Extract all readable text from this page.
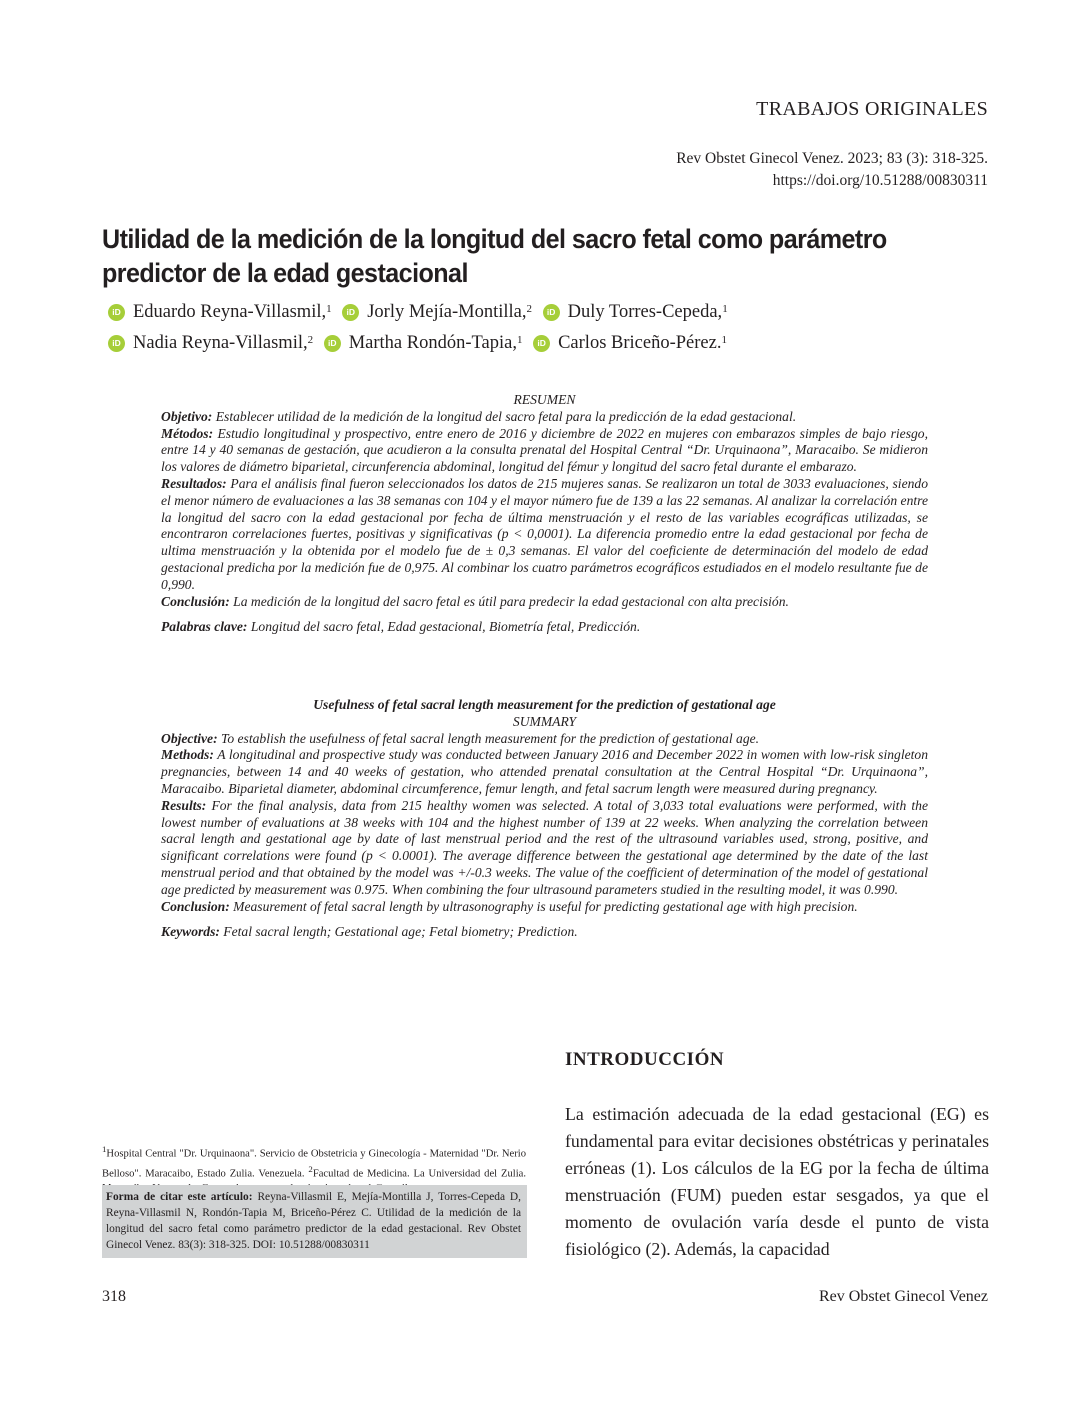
TRABAJOS ORIGINALES
Rev Obstet Ginecol Venez. 2023; 83 (3): 318-325.
https://doi.org/10.51288/00830311
Utilidad de la medición de la longitud del sacro fetal como parámetro predictor de la edad gestacional
iD Eduardo Reyna-Villasmil,$^1$
	iD Jorly Mejía-Montilla,$^2$
	iD Duly Torres-Cepeda,$^1$

iD Nadia Reyna-Villasmil,$^2$
	iD Martha Rondón-Tapia,$^1$
	iD Carlos Briceño-Pérez.$^1$

RESUMEN

Objetivo: Establecer utilidad de la medición de la longitud del sacro fetal para la predicción de la edad gestacional.

Métodos: Estudio longitudinal y prospectivo, entre enero de 2016 y diciembre de 2022 en mujeres con embarazos simples de bajo riesgo, entre 14 y 40 semanas de gestación, que acudieron a la consulta prenatal del Hospital Central “Dr. Urquinaona”, Maracaibo. Se midieron los valores de diámetro biparietal, circunferencia abdominal, longitud del fémur y longitud del sacro fetal durante el embarazo.

Resultados: Para el análisis final fueron seleccionados los datos de 215 mujeres sanas. Se realizaron un total de 3033 evaluaciones, siendo el menor número de evaluaciones a las 38 semanas con 104 y el mayor número fue de 139 a las 22 semanas. Al analizar la correlación entre la longitud del sacro con la edad gestacional por fecha de última menstruación y el resto de las variables ecográficas utilizadas, se encontraron correlaciones fuertes, positivas y significativas (p < 0,0001). La diferencia promedio entre la edad gestacional por fecha de ultima menstruación y la obtenida por el modelo fue de ± 0,3 semanas. El valor del coeficiente de determinación del modelo de edad gestacional predicha por la medición fue de 0,975. Al combinar los cuatro parámetros ecográficos estudiados en el modelo resultante fue de 0,990.

Conclusión: La medición de la longitud del sacro fetal es útil para predecir la edad gestacional con alta precisión.

Palabras clave: Longitud del sacro fetal, Edad gestacional, Biometría fetal, Predicción.

Usefulness of fetal sacral length measurement for the prediction of gestational age

SUMMARY

Objective: To establish the usefulness of fetal sacral length measurement for the prediction of gestational age.

Methods: A longitudinal and prospective study was conducted between January 2016 and December 2022 in women with low-risk singleton pregnancies, between 14 and 40 weeks of gestation, who attended prenatal consultation at the Central Hospital “Dr. Urquinaona”, Maracaibo. Biparietal diameter, abdominal circumference, femur length, and fetal sacrum length were measured during pregnancy.

Results: For the final analysis, data from 215 healthy women was selected. A total of 3,033 total evaluations were performed, with the lowest number of evaluations at 38 weeks with 104 and the highest number of 139 at 22 weeks. When analyzing the correlation between sacral length and gestational age by date of last menstrual period and the rest of the ultrasound variables used, strong, positive, and significant correlations were found (p < 0.0001). The average difference between the gestational age determined by the date of the last menstrual period and that obtained by the model was +/-0.3 weeks. The value of the coefficient of determination of the model of gestational age predicted by measurement was 0.975. When combining the four ultrasound parameters studied in the resulting model, it was 0.990.

Conclusion: Measurement of fetal sacral length by ultrasonography is useful for predicting gestational age with high precision.

Keywords: Fetal sacral length; Gestational age; Fetal biometry; Prediction.

INTRODUCCIÓN
La estimación adecuada de la edad gestacional (EG) es fundamental para evitar decisiones obstétricas y perinatales erróneas (1). Los cálculos de la EG por la fecha de última menstruación (FUM) pueden estar sesgados, ya que el momento de ovulación varía desde el punto de vista fisiológico (2). Además, la capacidad
$^1$Hospital Central "Dr. Urquinaona". Servicio de Obstetricia y Ginecología - Maternidad "Dr. Nerio Belloso". Maracaibo, Estado Zulia. Venezuela. $^2$Facultad de Medicina. La Universidad del Zulia.
Forma de citar este artículo: Reyna-Villasmil E, Mejía-Montilla J, Torres-Cepeda D, Reyna-Villasmil N, Rondón-Tapia M, Briceño-Pérez C. Utilidad de la medición de la longitud del sacro fetal como parámetro predictor de la edad gestacional. Rev Obstet Ginecol Venez. 83(3): 318-325. DOI: 10.51288/00830311
318	Rev Obstet Ginecol Venez
